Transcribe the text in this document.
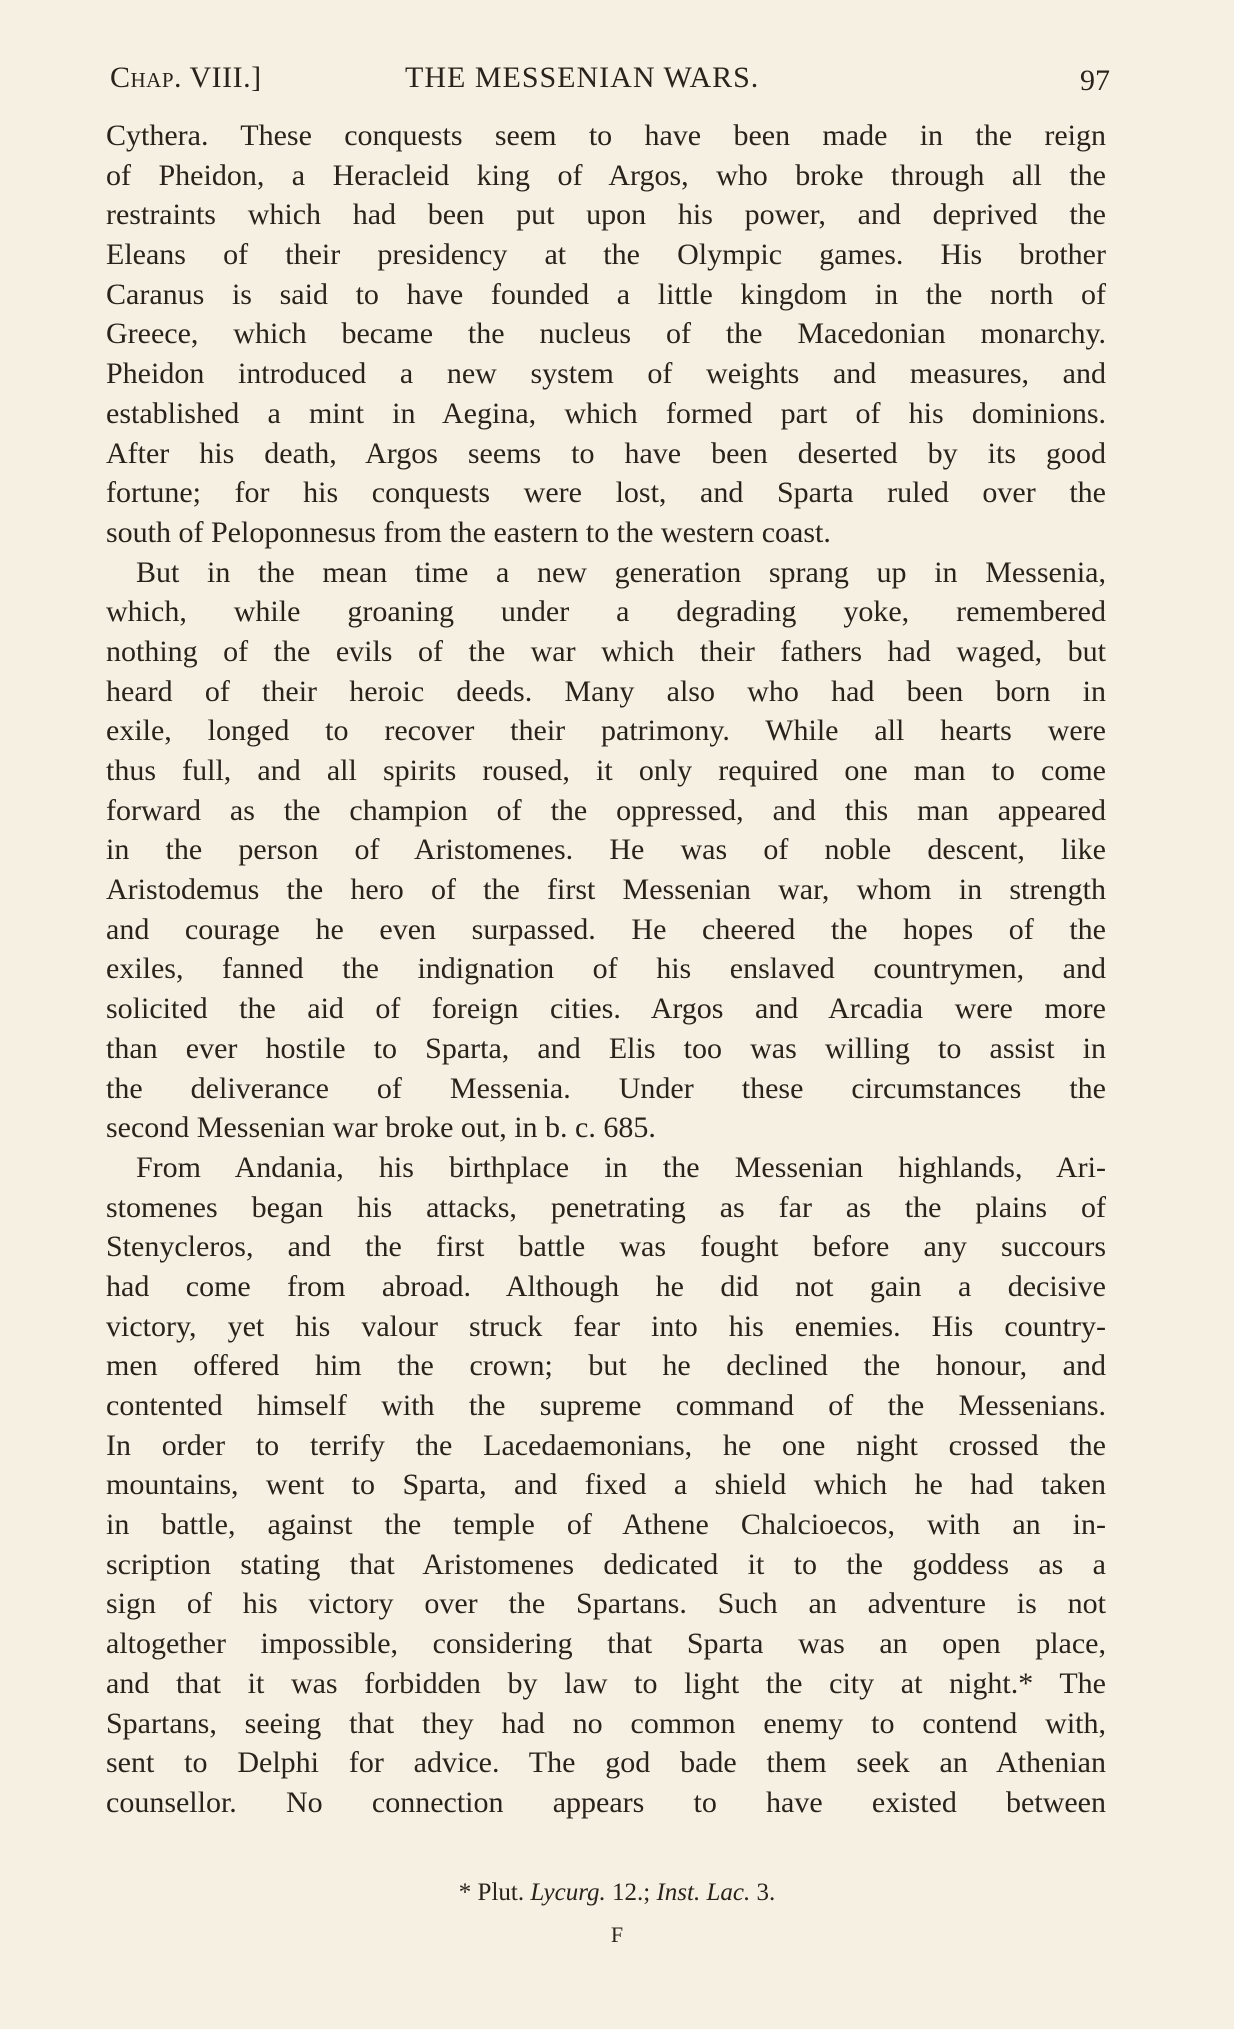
Chap. VIII.]	THE MESSENIAN WARS.	97
Cythera. These conquests seem to have been made in the reign
of Pheidon, a Heracleid king of Argos, who broke through all the
restraints which had been put upon his power, and deprived the
Eleans of their presidency at the Olympic games. His brother
Caranus is said to have founded a little kingdom in the north of
Greece, which became the nucleus of the Macedonian monarchy.
Pheidon introduced a new system of weights and measures, and
established a mint in Aegina, which formed part of his dominions.
After his death, Argos seems to have been deserted by its good
fortune; for his conquests were lost, and Sparta ruled over the
south of Peloponnesus from the eastern to the western coast.
But in the mean time a new generation sprang up in Messenia,
which, while groaning under a degrading yoke, remembered
nothing of the evils of the war which their fathers had waged, but
heard of their heroic deeds. Many also who had been born in
exile, longed to recover their patrimony. While all hearts were
thus full, and all spirits roused, it only required one man to come
forward as the champion of the oppressed, and this man appeared
in the person of Aristomenes. He was of noble descent, like
Aristodemus the hero of the first Messenian war, whom in strength
and courage he even surpassed. He cheered the hopes of the
exiles, fanned the indignation of his enslaved countrymen, and
solicited the aid of foreign cities. Argos and Arcadia were more
than ever hostile to Sparta, and Elis too was willing to assist in
the deliverance of Messenia. Under these circumstances the
second Messenian war broke out, in b. c. 685.
From Andania, his birthplace in the Messenian highlands, Ari-
stomenes began his attacks, penetrating as far as the plains of
Stenycleros, and the first battle was fought before any succours
had come from abroad. Although he did not gain a decisive
victory, yet his valour struck fear into his enemies. His country-
men offered him the crown; but he declined the honour, and
contented himself with the supreme command of the Messenians.
In order to terrify the Lacedaemonians, he one night crossed the
mountains, went to Sparta, and fixed a shield which he had taken
in battle, against the temple of Athene Chalcioecos, with an in-
scription stating that Aristomenes dedicated it to the goddess as a
sign of his victory over the Spartans. Such an adventure is not
altogether impossible, considering that Sparta was an open place,
and that it was forbidden by law to light the city at night.* The
Spartans, seeing that they had no common enemy to contend with,
sent to Delphi for advice. The god bade them seek an Athenian
counsellor. No connection appears to have existed between
* Plut. Lycurg. 12.; Inst. Lac. 3.
F
